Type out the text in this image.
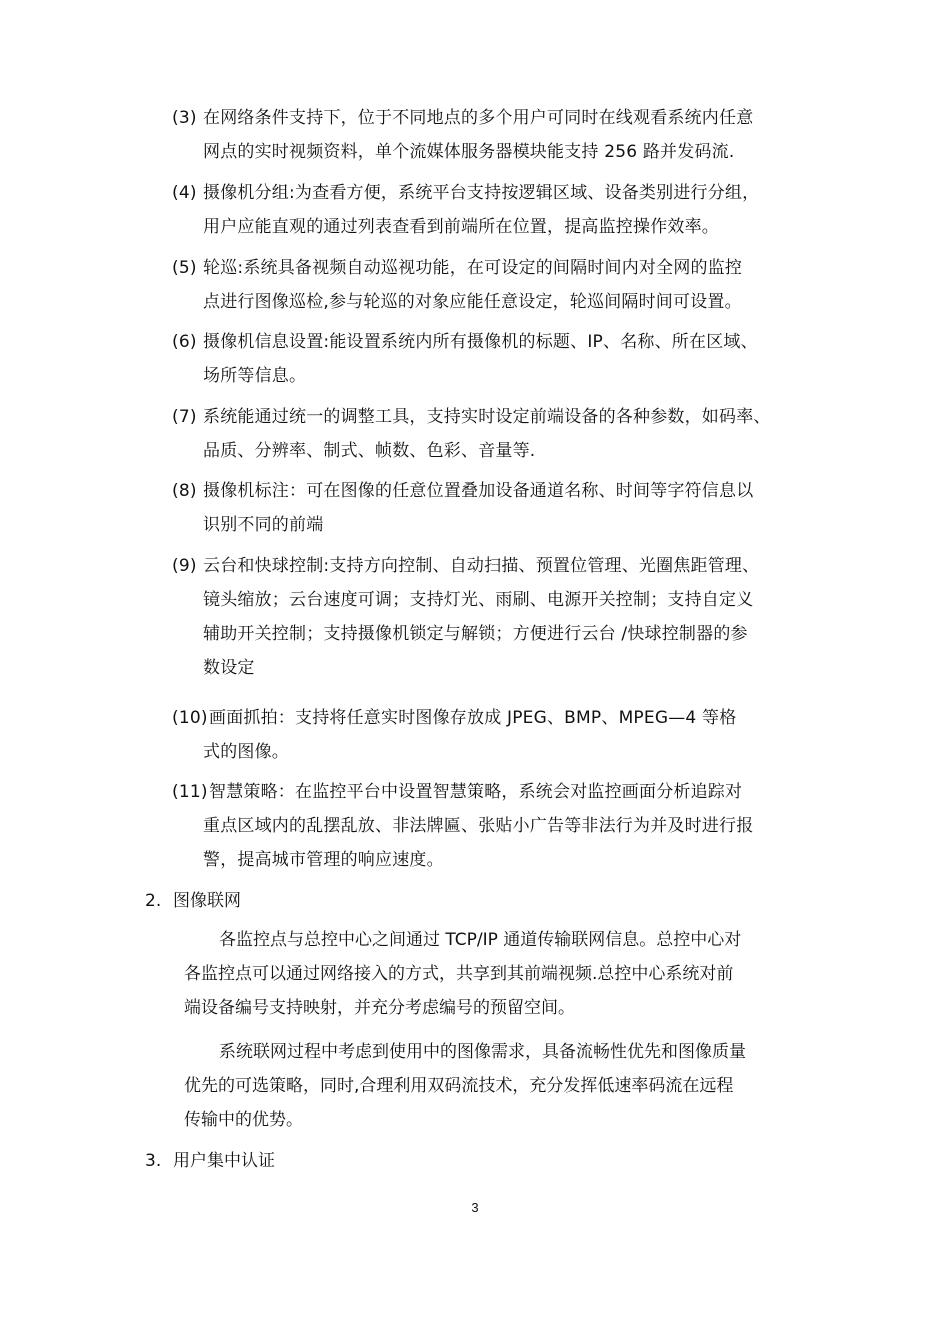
(3) 在网络条件支持下，位于不同地点的多个用户可同时在线观看系统内任意
网点的实时视频资料，单个流媒体服务器模块能支持 256 路并发码流.
(4) 摄像机分组:为查看方便，系统平台支持按逻辑区域、设备类别进行分组，
用户应能直观的通过列表查看到前端所在位置，提高监控操作效率。
(5) 轮巡:系统具备视频自动巡视功能，在可设定的间隔时间内对全网的监控
点进行图像巡检,参与轮巡的对象应能任意设定，轮巡间隔时间可设置。
(6) 摄像机信息设置:能设置系统内所有摄像机的标题、IP、名称、所在区域、
场所等信息。
(7) 系统能通过统一的调整工具，支持实时设定前端设备的各种参数，如码率、
品质、分辨率、制式、帧数、色彩、音量等.
(8) 摄像机标注：可在图像的任意位置叠加设备通道名称、时间等字符信息以
识别不同的前端
(9) 云台和快球控制:支持方向控制、自动扫描、预置位管理、光圈焦距管理、
镜头缩放；云台速度可调；支持灯光、雨刷、电源开关控制；支持自定义
辅助开关控制；支持摄像机锁定与解锁；方便进行云台 /快球控制器的参
数设定
(10) 画面抓拍：支持将任意实时图像存放成 JPEG、BMP、MPEG—4 等格
式的图像。
(11) 智慧策略：在监控平台中设置智慧策略，系统会对监控画面分析追踪对
重点区域内的乱摆乱放、非法牌匾、张贴小广告等非法行为并及时进行报
警，提高城市管理的响应速度。
2. 图像联网
各监控点与总控中心之间通过 TCP/IP 通道传输联网信息。总控中心对
各监控点可以通过网络接入的方式，共享到其前端视频.总控中心系统对前
端设备编号支持映射，并充分考虑编号的预留空间。
系统联网过程中考虑到使用中的图像需求，具备流畅性优先和图像质量
优先的可选策略，同时,合理利用双码流技术，充分发挥低速率码流在远程
传输中的优势。
3. 用户集中认证
3
